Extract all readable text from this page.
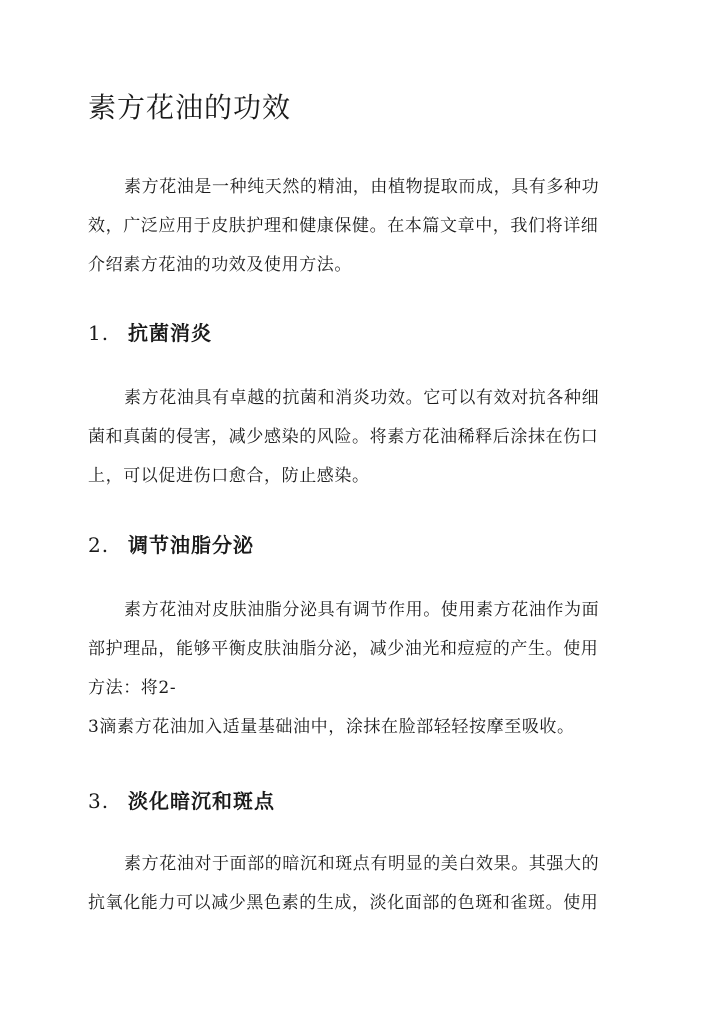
素方花油的功效
素方花油是一种纯天然的精油，由植物提取而成，具有多种功
效，广泛应用于皮肤护理和健康保健。在本篇文章中，我们将详细
介绍素方花油的功效及使用方法。
1. 抗菌消炎
素方花油具有卓越的抗菌和消炎功效。它可以有效对抗各种细
菌和真菌的侵害，减少感染的风险。将素方花油稀释后涂抹在伤口
上，可以促进伤口愈合，防止感染。
2. 调节油脂分泌
素方花油对皮肤油脂分泌具有调节作用。使用素方花油作为面
部护理品，能够平衡皮肤油脂分泌，减少油光和痘痘的产生。使用
方法：将2-
3滴素方花油加入适量基础油中，涂抹在脸部轻轻按摩至吸收。
3. 淡化暗沉和斑点
素方花油对于面部的暗沉和斑点有明显的美白效果。其强大的
抗氧化能力可以减少黑色素的生成，淡化面部的色斑和雀斑。使用
